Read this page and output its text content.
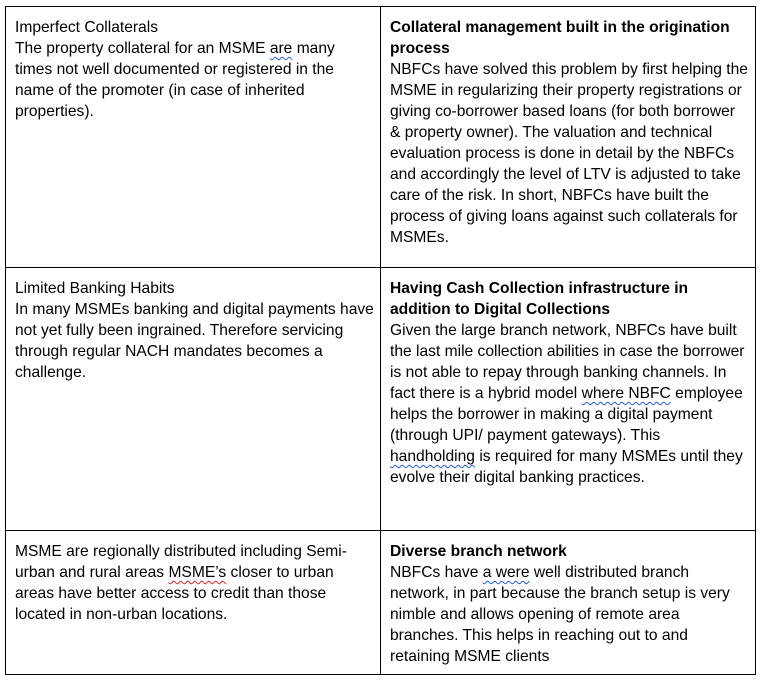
Imperfect Collaterals
The property collateral for an MSME are many times not well documented or registered in the name of the promoter (in case of inherited properties).	Collateral management built in the origination process
NBFCs have solved this problem by first helping the MSME in regularizing their property registrations or giving co-borrower based loans (for both borrower & property owner). The valuation and technical evaluation process is done in detail by the NBFCs and accordingly the level of LTV is adjusted to take care of the risk. In short, NBFCs have built the process of giving loans against such collaterals for MSMEs.

Limited Banking Habits
In many MSMEs banking and digital payments have not yet fully been ingrained. Therefore servicing through regular NACH mandates becomes a challenge.	Having Cash Collection infrastructure in addition to Digital Collections
Given the large branch network, NBFCs have built the last mile collection abilities in case the borrower is not able to repay through banking channels. In fact there is a hybrid model where NBFC employee helps the borrower in making a digital payment (through UPI/ payment gateways). This handholding is required for many MSMEs until they evolve their digital banking practices.

MSME are regionally distributed including Semi-urban and rural areas MSME’s closer to urban areas have better access to credit than those located in non-urban locations.	Diverse branch network
NBFCs have a were well distributed branch network, in part because the branch setup is very nimble and allows opening of remote area branches. This helps in reaching out to and retaining MSME clients
